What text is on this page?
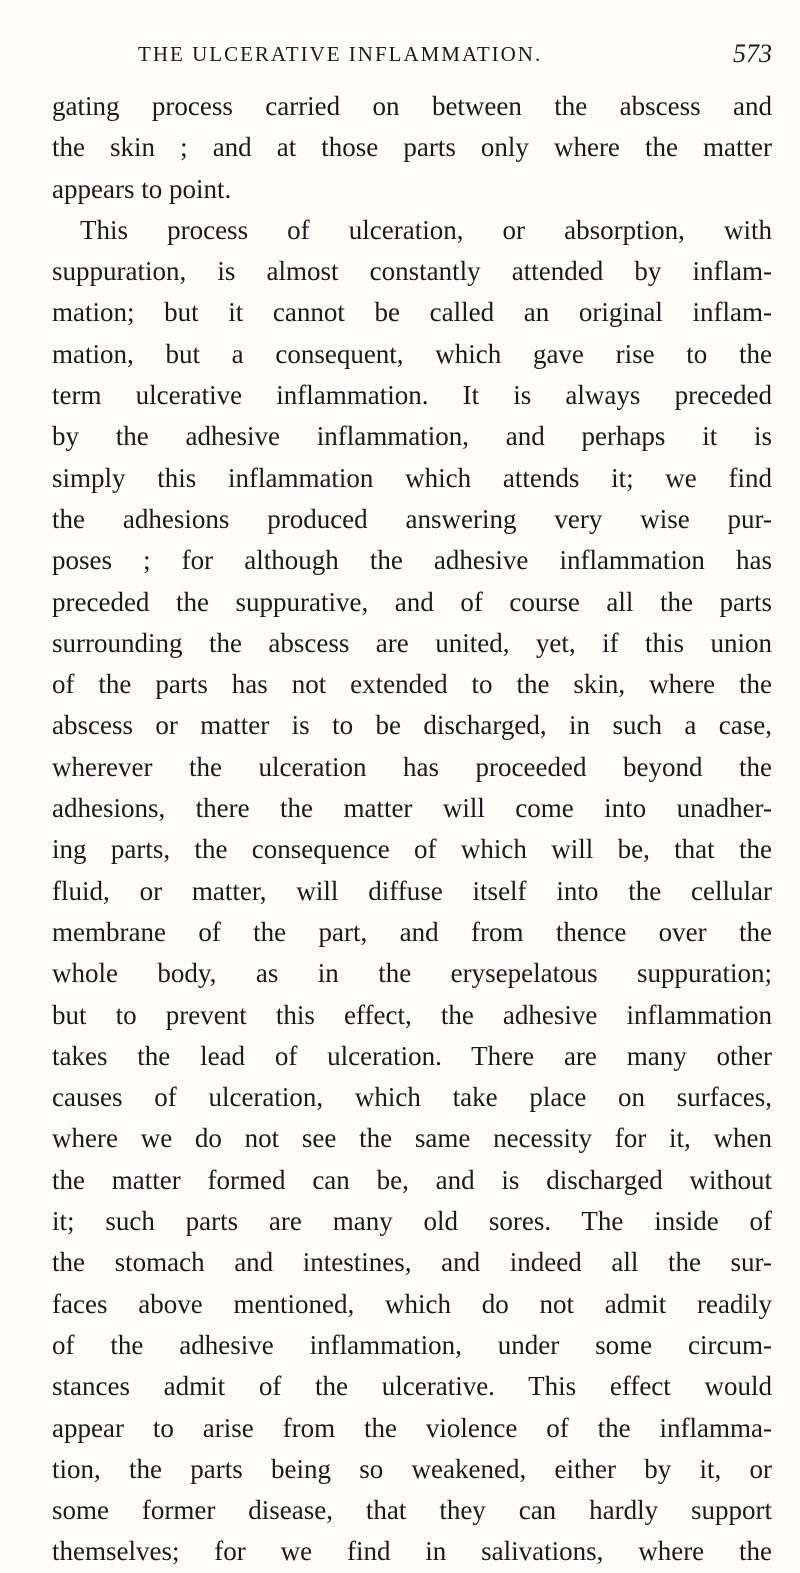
THE ULCERATIVE INFLAMMATION.	573
gating process carried on between the abscess and
the skin ; and at those parts only where the matter
appears to point.
This process of ulceration, or absorption, with
suppuration, is almost constantly attended by inflam-
mation; but it cannot be called an original inflam-
mation, but a consequent, which gave rise to the
term ulcerative inflammation. It is always preceded
by the adhesive inflammation, and perhaps it is
simply this inflammation which attends it; we find
the adhesions produced answering very wise pur-
poses ; for although the adhesive inflammation has
preceded the suppurative, and of course all the parts
surrounding the abscess are united, yet, if this union
of the parts has not extended to the skin, where the
abscess or matter is to be discharged, in such a case,
wherever the ulceration has proceeded beyond the
adhesions, there the matter will come into unadher-
ing parts, the consequence of which will be, that the
fluid, or matter, will diffuse itself into the cellular
membrane of the part, and from thence over the
whole body, as in the erysepelatous suppuration;
but to prevent this effect, the adhesive inflammation
takes the lead of ulceration. There are many other
causes of ulceration, which take place on surfaces,
where we do not see the same necessity for it, when
the matter formed can be, and is discharged without
it; such parts are many old sores. The inside of
the stomach and intestines, and indeed all the sur-
faces above mentioned, which do not admit readily
of the adhesive inflammation, under some circum-
stances admit of the ulcerative. This effect would
appear to arise from the violence of the inflamma-
tion, the parts being so weakened, either by it, or
some former disease, that they can hardly support
themselves; for we find in salivations, where the
